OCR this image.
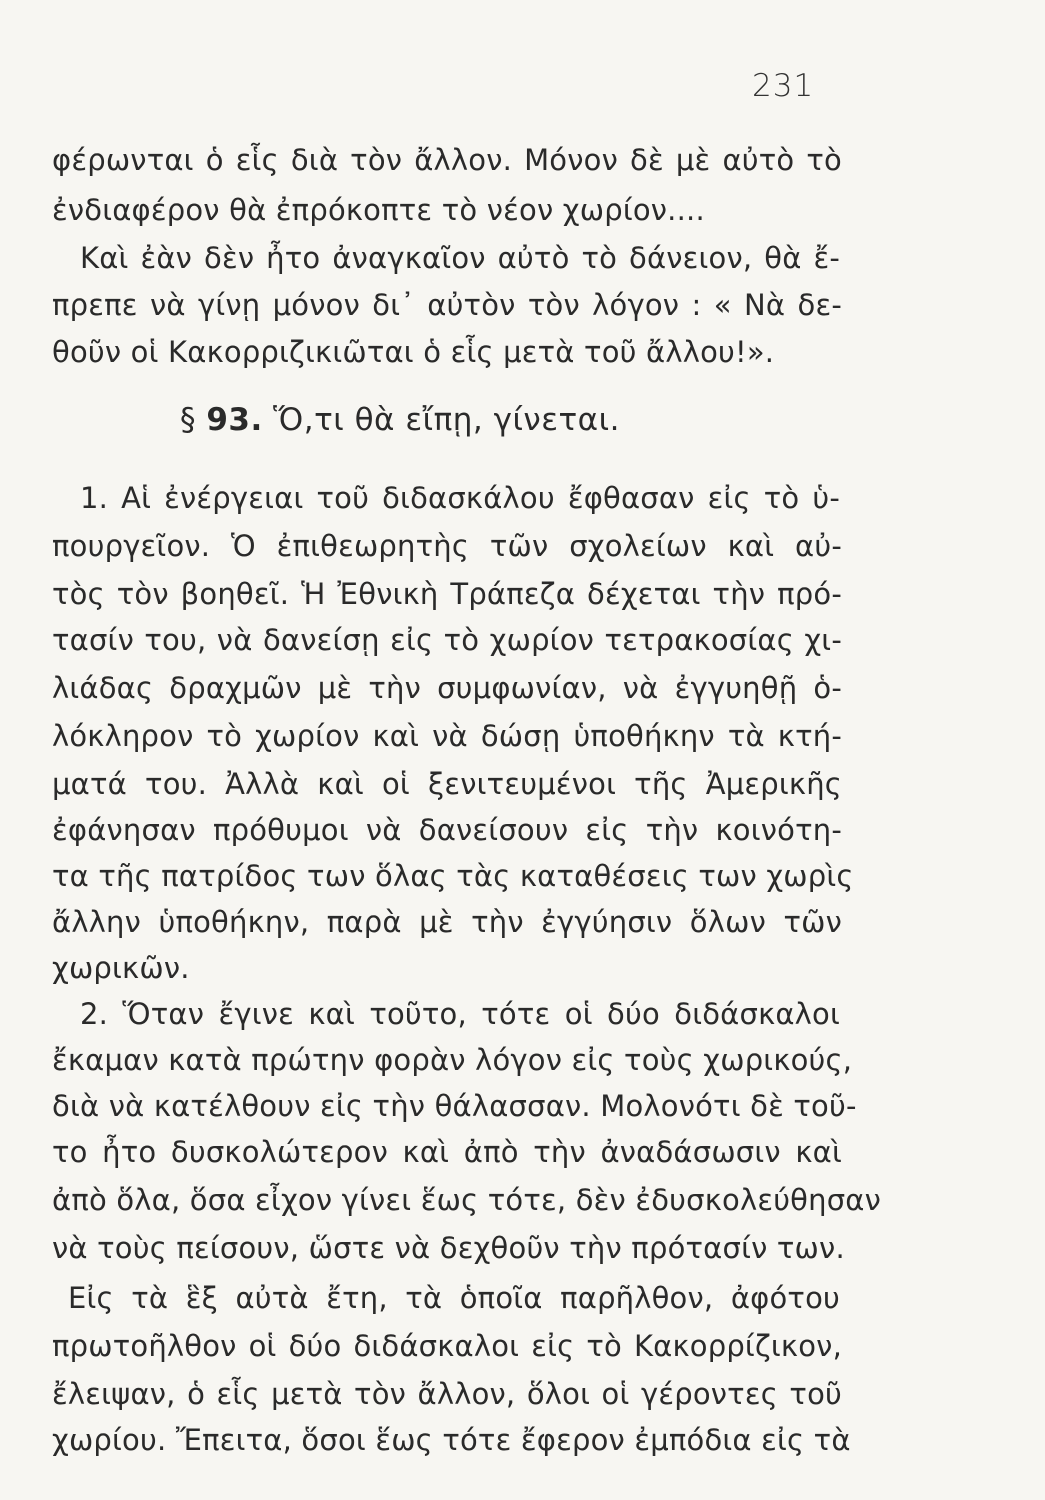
231
φέρωνται ὁ εἷς διὰ τὸν ἄλλον. Μόνον δὲ μὲ αὐτὸ τὸ
ἐνδιαφέρον θὰ ἐπρόκοπτε τὸ νέον χωρίον....
Καὶ ἐὰν δὲν ἦτο ἀναγκαῖον αὐτὸ τὸ δάνειον, θὰ ἔ-
πρεπε νὰ γίνῃ μόνον δι᾽ αὐτὸν τὸν λόγον : « Νὰ δε-
θοῦν οἱ Κακορριζικιῶται ὁ εἷς μετὰ τοῦ ἄλλου!».
§ 93. Ὅ,τι θὰ εἴπῃ, γίνεται.
1. Αἱ ἐνέργειαι τοῦ διδασκάλου ἔφθασαν εἰς τὸ ὑ-
πουργεῖον. Ὁ ἐπιθεωρητὴς τῶν σχολείων καὶ αὐ-
τὸς τὸν βοηθεῖ. Ἡ Ἐθνικὴ Τράπεζα δέχεται τὴν πρό-
τασίν του, νὰ δανείσῃ εἰς τὸ χωρίον τετρακοσίας χι-
λιάδας δραχμῶν μὲ τὴν συμφωνίαν, νὰ ἐγγυηθῇ ὁ-
λόκληρον τὸ χωρίον καὶ νὰ δώσῃ ὑποθήκην τὰ κτή-
ματά του. Ἀλλὰ καὶ οἱ ξενιτευμένοι τῆς Ἀμερικῆς
ἐφάνησαν πρόθυμοι νὰ δανείσουν εἰς τὴν κοινότη-
τα τῆς πατρίδος των ὅλας τὰς καταθέσεις των χωρὶς
ἄλλην ὑποθήκην, παρὰ μὲ τὴν ἐγγύησιν ὅλων τῶν
χωρικῶν.
2. Ὅταν ἔγινε καὶ τοῦτο, τότε οἱ δύο διδάσκαλοι
ἔκαμαν κατὰ πρώτην φορὰν λόγον εἰς τοὺς χωρικούς,
διὰ νὰ κατέλθουν εἰς τὴν θάλασσαν. Μολονότι δὲ τοῦ-
το ἦτο δυσκολώτερον καὶ ἀπὸ τὴν ἀναδάσωσιν καὶ
ἀπὸ ὅλα, ὅσα εἶχον γίνει ἕως τότε, δὲν ἐδυσκολεύθησαν
νὰ τοὺς πείσουν, ὥστε νὰ δεχθοῦν τὴν πρότασίν των.
Εἰς τὰ ἓξ αὐτὰ ἔτη, τὰ ὁποῖα παρῆλθον, ἀφότου
πρωτοῆλθον οἱ δύο διδάσκαλοι εἰς τὸ Κακορρίζικον,
ἔλειψαν, ὁ εἷς μετὰ τὸν ἄλλον, ὅλοι οἱ γέροντες τοῦ
χωρίου. Ἔπειτα, ὅσοι ἕως τότε ἔφερον ἐμπόδια εἰς τὰ
